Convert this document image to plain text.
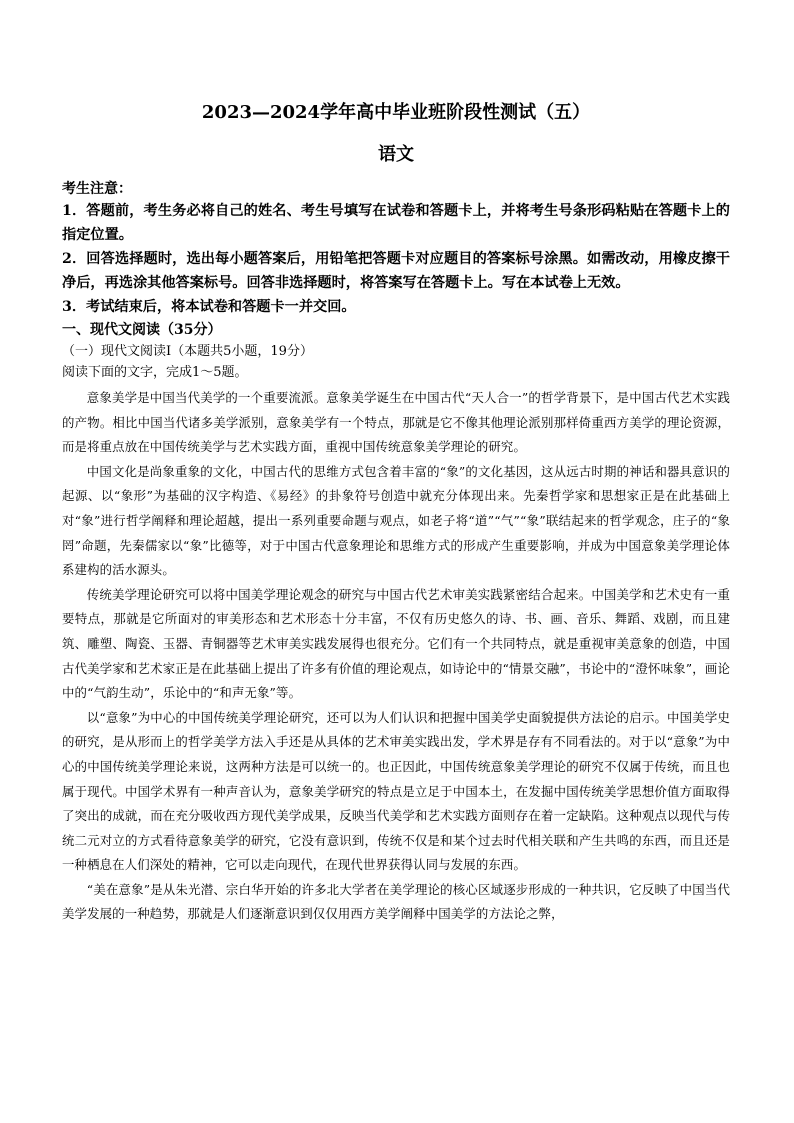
2023—2024学年高中毕业班阶段性测试（五）
语文

考生注意：

1．答题前，考生务必将自己的姓名、考生号填写在试卷和答题卡上，并将考生号条形码粘贴在答题卡上的指定位置。

2．回答选择题时，选出每小题答案后，用铅笔把答题卡对应题目的答案标号涂黑。如需改动，用橡皮擦干净后，再选涂其他答案标号。回答非选择题时，将答案写在答题卡上。写在本试卷上无效。

3．考试结束后，将本试卷和答题卡一并交回。

一、现代文阅读（35分）

（一）现代文阅读Ⅰ（本题共5小题，19分）

阅读下面的文字，完成1～5题。

意象美学是中国当代美学的一个重要流派。意象美学诞生在中国古代“天人合一”的哲学背景下，是中国古代艺术实践的产物。相比中国当代诸多美学派别，意象美学有一个特点，那就是它不像其他理论派别那样倚重西方美学的理论资源，而是将重点放在中国传统美学与艺术实践方面，重视中国传统意象美学理论的研究。

中国文化是尚象重象的文化，中国古代的思维方式包含着丰富的“象”的文化基因，这从远古时期的神话和器具意识的起源、以“象形”为基础的汉字构造、《易经》的卦象符号创造中就充分体现出来。先秦哲学家和思想家正是在此基础上对“象”进行哲学阐释和理论超越，提出一系列重要命题与观点，如老子将“道”“气”“象”联结起来的哲学观念，庄子的“象罔”命题，先秦儒家以“象”比德等，对于中国古代意象理论和思维方式的形成产生重要影响，并成为中国意象美学理论体系建构的活水源头。

传统美学理论研究可以将中国美学理论观念的研究与中国古代艺术审美实践紧密结合起来。中国美学和艺术史有一重要特点，那就是它所面对的审美形态和艺术形态十分丰富，不仅有历史悠久的诗、书、画、音乐、舞蹈、戏剧，而且建筑、雕塑、陶瓷、玉器、青铜器等艺术审美实践发展得也很充分。它们有一个共同特点，就是重视审美意象的创造，中国古代美学家和艺术家正是在此基础上提出了许多有价值的理论观点，如诗论中的“情景交融”，书论中的“澄怀味象”，画论中的“气韵生动”，乐论中的“和声无象”等。

以“意象”为中心的中国传统美学理论研究，还可以为人们认识和把握中国美学史面貌提供方法论的启示。中国美学史的研究，是从形而上的哲学美学方法入手还是从具体的艺术审美实践出发，学术界是存有不同看法的。对于以“意象”为中心的中国传统美学理论来说，这两种方法是可以统一的。也正因此，中国传统意象美学理论的研究不仅属于传统，而且也属于现代。中国学术界有一种声音认为，意象美学研究的特点是立足于中国本土，在发掘中国传统美学思想价值方面取得了突出的成就，而在充分吸收西方现代美学成果，反映当代美学和艺术实践方面则存在着一定缺陷。这种观点以现代与传统二元对立的方式看待意象美学的研究，它没有意识到，传统不仅是和某个过去时代相关联和产生共鸣的东西，而且还是一种栖息在人们深处的精神，它可以走向现代，在现代世界获得认同与发展的东西。

“美在意象”是从朱光潜、宗白华开始的许多北大学者在美学理论的核心区域逐步形成的一种共识，它反映了中国当代美学发展的一种趋势，那就是人们逐渐意识到仅仅用西方美学阐释中国美学的方法论之弊，
